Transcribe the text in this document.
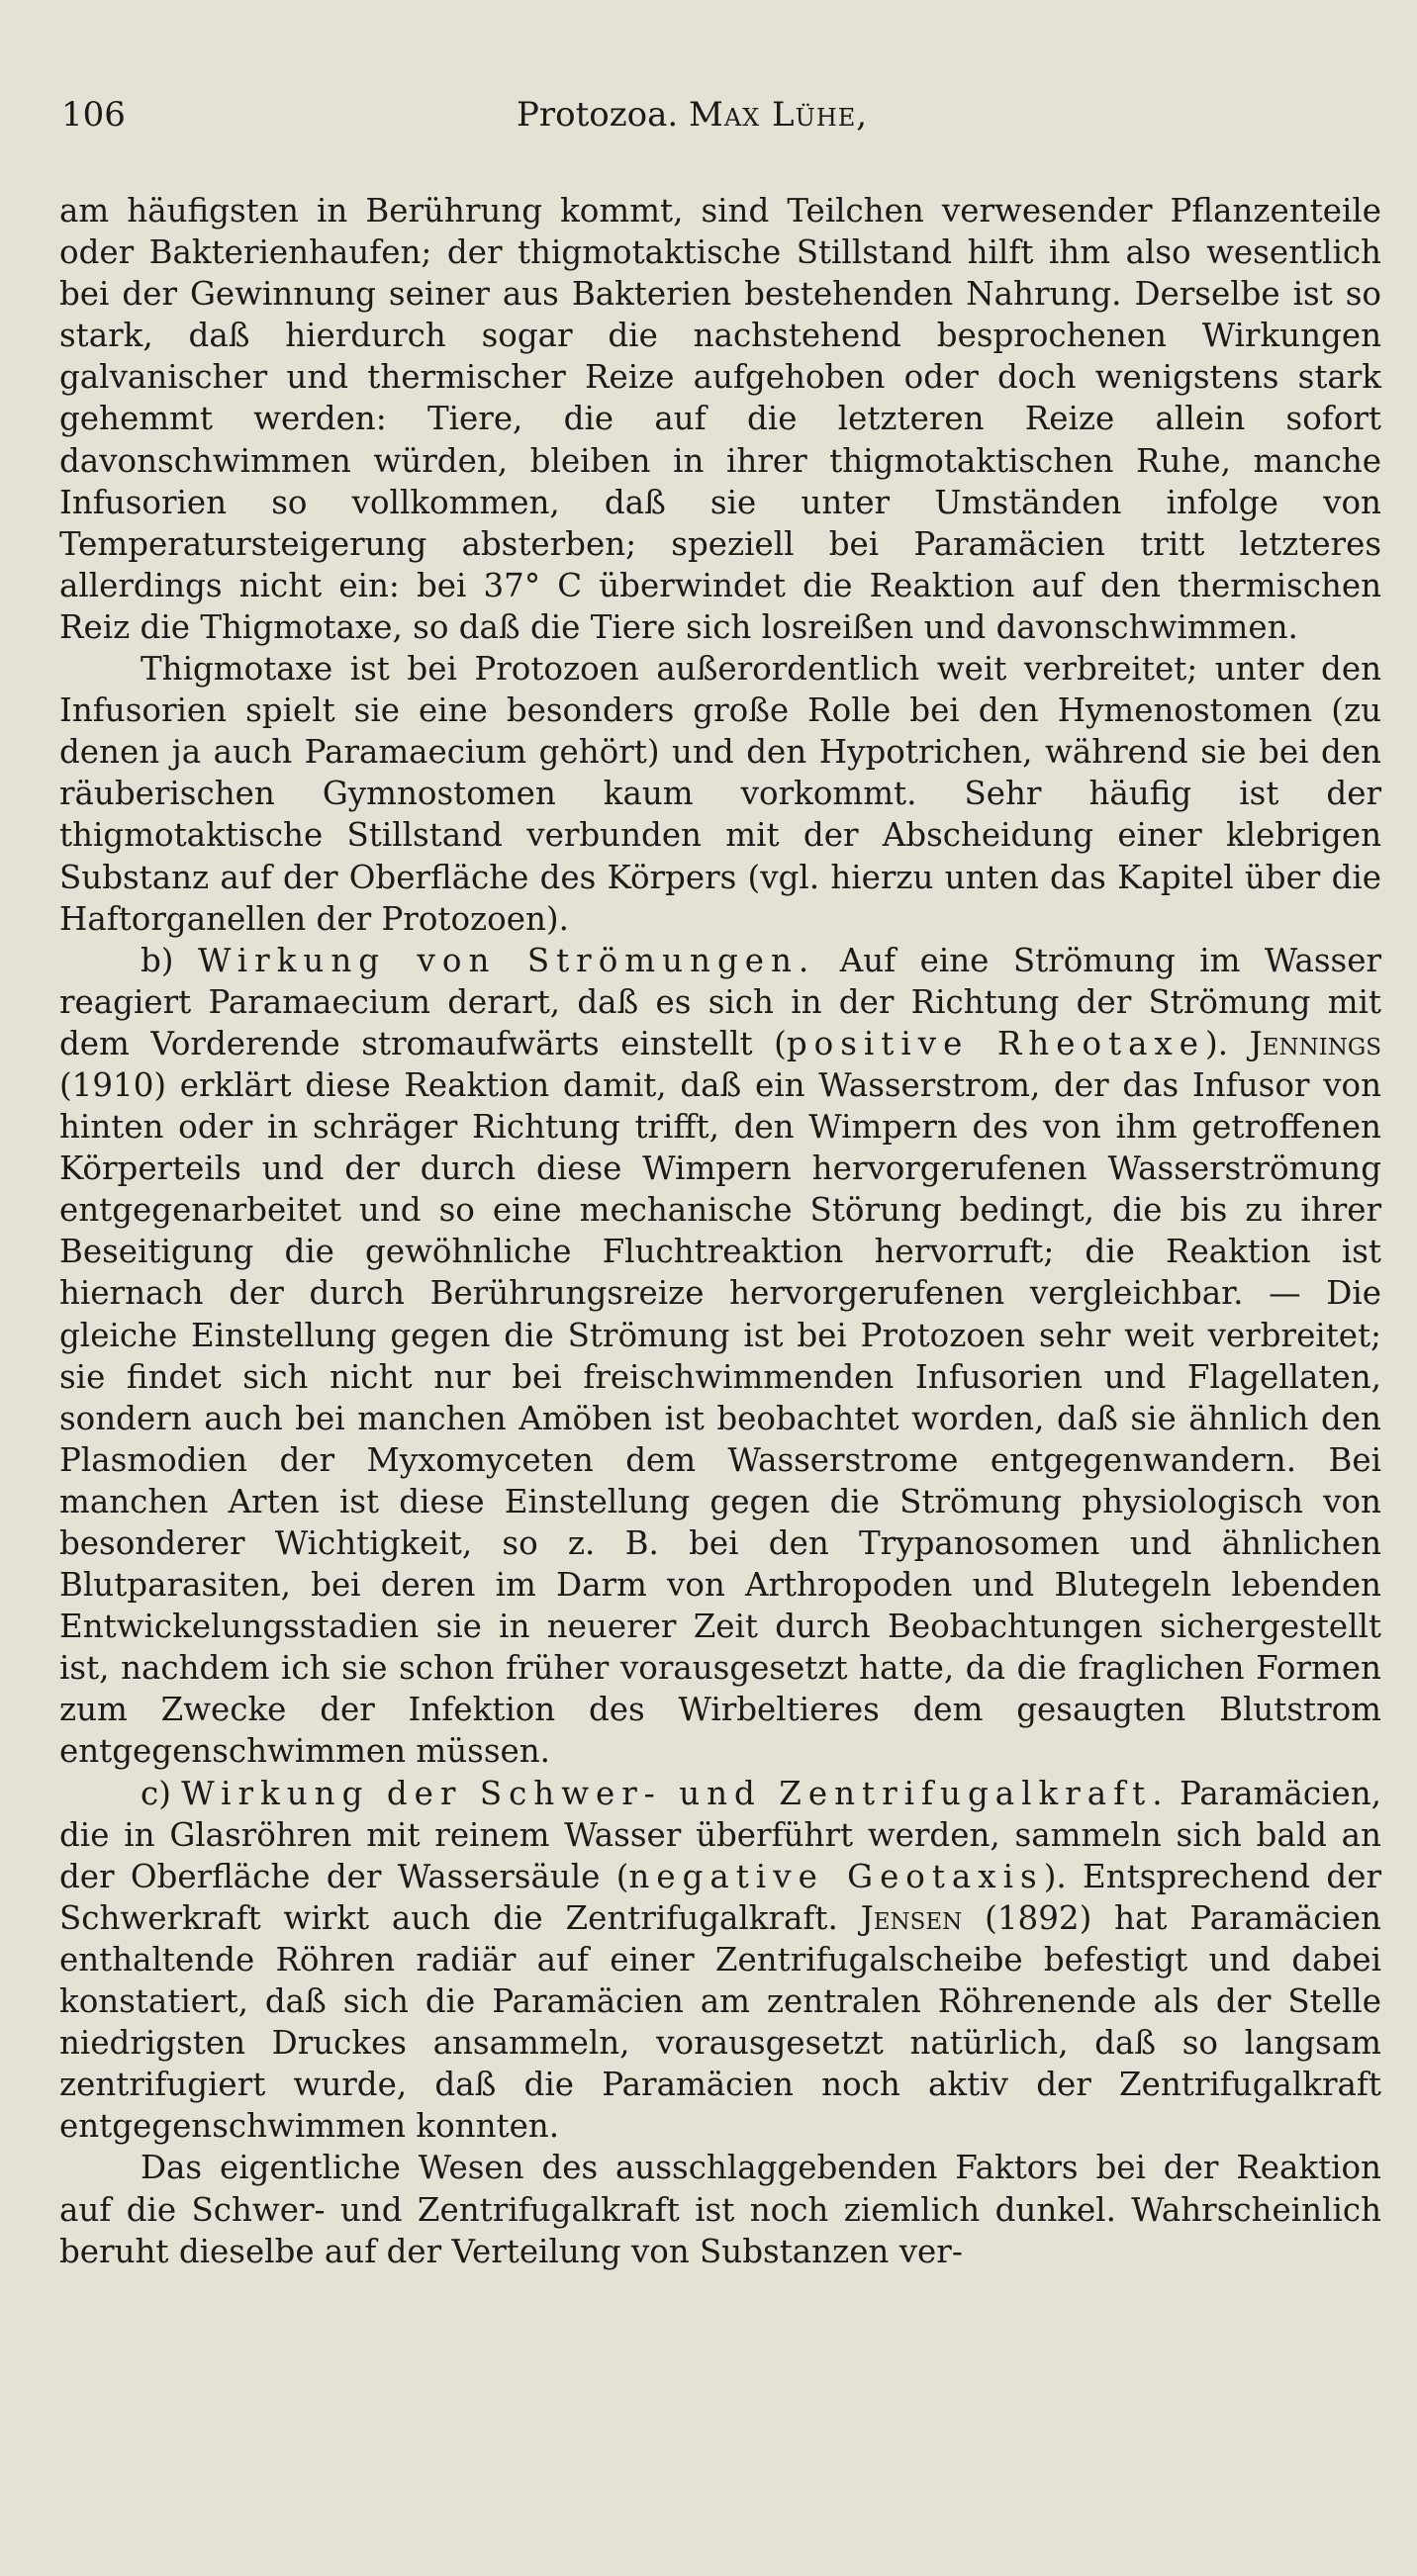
106	Protozoa. Max Lühe,

am häufigsten in Berührung kommt, sind Teilchen verwesender Pflanzenteile oder Bakterienhaufen; der thigmotaktische Stillstand hilft ihm also wesentlich bei der Gewinnung seiner aus Bakterien bestehenden Nahrung. Derselbe ist so stark, daß hierdurch sogar die nachstehend besprochenen Wirkungen galvanischer und thermischer Reize aufgehoben oder doch wenigstens stark gehemmt werden: Tiere, die auf die letzteren Reize allein sofort davonschwimmen würden, bleiben in ihrer thigmotaktischen Ruhe, manche Infusorien so vollkommen, daß sie unter Umständen infolge von Temperatursteigerung absterben; speziell bei Paramäcien tritt letzteres allerdings nicht ein: bei 37° C überwindet die Reaktion auf den thermischen Reiz die Thigmotaxe, so daß die Tiere sich losreißen und davonschwimmen.

Thigmotaxe ist bei Protozoen außerordentlich weit verbreitet; unter den Infusorien spielt sie eine besonders große Rolle bei den Hymenostomen (zu denen ja auch Paramaecium gehört) und den Hypotrichen, während sie bei den räuberischen Gymnostomen kaum vorkommt. Sehr häufig ist der thigmotaktische Stillstand verbunden mit der Abscheidung einer klebrigen Substanz auf der Oberfläche des Körpers (vgl. hierzu unten das Kapitel über die Haftorganellen der Protozoen).

b) Wirkung von Strömungen. Auf eine Strömung im Wasser reagiert Paramaecium derart, daß es sich in der Richtung der Strömung mit dem Vorderende stromaufwärts einstellt (positive Rheotaxe). Jennings (1910) erklärt diese Reaktion damit, daß ein Wasserstrom, der das Infusor von hinten oder in schräger Richtung trifft, den Wimpern des von ihm getroffenen Körperteils und der durch diese Wimpern hervorgerufenen Wasserströmung entgegenarbeitet und so eine mechanische Störung bedingt, die bis zu ihrer Beseitigung die gewöhnliche Fluchtreaktion hervorruft; die Reaktion ist hiernach der durch Berührungsreize hervorgerufenen vergleichbar. — Die gleiche Einstellung gegen die Strömung ist bei Protozoen sehr weit verbreitet; sie findet sich nicht nur bei freischwimmenden Infusorien und Flagellaten, sondern auch bei manchen Amöben ist beobachtet worden, daß sie ähnlich den Plasmodien der Myxomyceten dem Wasserstrome entgegenwandern. Bei manchen Arten ist diese Einstellung gegen die Strömung physiologisch von besonderer Wichtigkeit, so z. B. bei den Trypanosomen und ähnlichen Blutparasiten, bei deren im Darm von Arthropoden und Blutegeln lebenden Entwickelungsstadien sie in neuerer Zeit durch Beobachtungen sichergestellt ist, nachdem ich sie schon früher vorausgesetzt hatte, da die fraglichen Formen zum Zwecke der Infektion des Wirbeltieres dem gesaugten Blutstrom entgegenschwimmen müssen.

c) Wirkung der Schwer- und Zentrifugalkraft. Paramäcien, die in Glasröhren mit reinem Wasser überführt werden, sammeln sich bald an der Oberfläche der Wassersäule (negative Geotaxis). Entsprechend der Schwerkraft wirkt auch die Zentrifugalkraft. Jensen (1892) hat Paramäcien enthaltende Röhren radiär auf einer Zentrifugalscheibe befestigt und dabei konstatiert, daß sich die Paramäcien am zentralen Röhrenende als der Stelle niedrigsten Druckes ansammeln, vorausgesetzt natürlich, daß so langsam zentrifugiert wurde, daß die Paramäcien noch aktiv der Zentrifugalkraft entgegenschwimmen konnten.

Das eigentliche Wesen des ausschlaggebenden Faktors bei der Reaktion auf die Schwer- und Zentrifugalkraft ist noch ziemlich dunkel. Wahrscheinlich beruht dieselbe auf der Verteilung von Substanzen ver-
